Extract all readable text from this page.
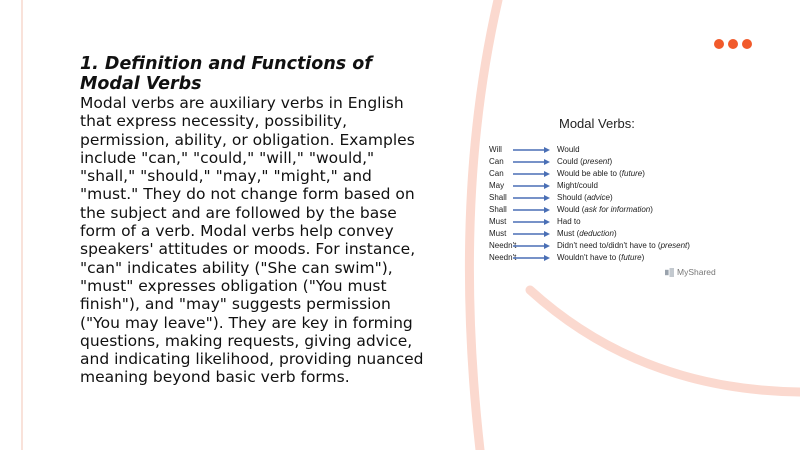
1. Definition and Functions of Modal Verbs

Modal verbs are auxiliary verbs in English that express necessity, possibility, permission, ability, or obligation. Examples include "can," "could," "will," "would," "shall," "should," "may," "might," and "must." They do not change form based on the subject and are followed by the base form of a verb. Modal verbs help convey speakers' attitudes or moods. For instance, "can" indicates ability ("She can swim"), "must" expresses obligation ("You must finish"), and "may" suggests permission ("You may leave"). They are key in forming questions, making requests, giving advice, and indicating likelihood, providing nuanced meaning beyond basic verb forms.

Modal Verbs:
Will	Would
Can	Could (present)
Can	Would be able to (future)
May	Might/could
Shall	Should (advice)
Shall	Would (ask for information)
Must	Had to
Must	Must (deduction)
Needn't	Didn't need to/didn't have to (present)
Needn't	Wouldn't have to (future)
MyShared
